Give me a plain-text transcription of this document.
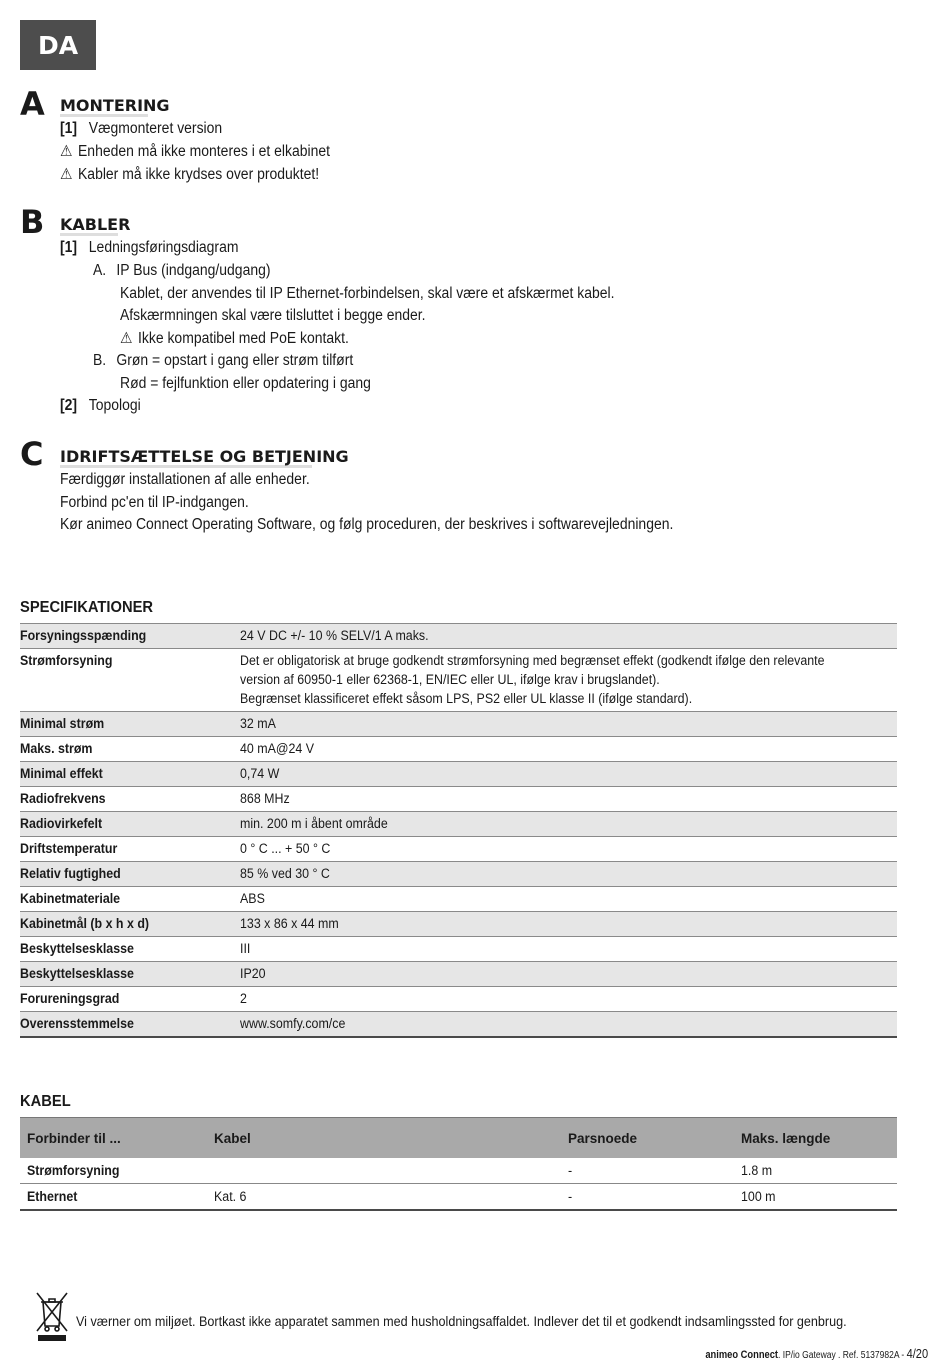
DA
A MONTERING
[1] Vægmonteret version
⚠ Enheden må ikke monteres i et elkabinet
⚠ Kabler må ikke krydses over produktet!
B KABLER
[1] Ledningsføringsdiagram
A. IP Bus (indgang/udgang)
Kablet, der anvendes til IP Ethernet-forbindelsen, skal være et afskærmet kabel.
Afskærmningen skal være tilsluttet i begge ender.
⚠ Ikke kompatibel med PoE kontakt.
B. Grøn = opstart i gang eller strøm tilført
Rød = fejlfunktion eller opdatering i gang
[2] Topologi
C IDRIFTSÆTTELSE OG BETJENING
Færdiggør installationen af alle enheder.
Forbind pc'en til IP-indgangen.
Kør animeo Connect Operating Software, og følg proceduren, der beskrives i softwarevejledningen.
SPECIFIKATIONER
Forsyningsspænding	24 V DC +/- 10 % SELV/1 A maks.
Strømforsyning	Det er obligatorisk at bruge godkendt strømforsyning med begrænset effekt (godkendt ifølge den relevante
version af 60950-1 eller 62368-1, EN/IEC eller UL, ifølge krav i brugslandet).
Begrænset klassificeret effekt såsom LPS, PS2 eller UL klasse II (ifølge standard).
Minimal strøm	32 mA
Maks. strøm	40 mA@24 V
Minimal effekt	0,74 W
Radiofrekvens	868 MHz
Radiovirkefelt	min. 200 m i åbent område
Driftstemperatur	0 ° C ... + 50 ° C
Relativ fugtighed	85 % ved 30 ° C
Kabinetmateriale	ABS
Kabinetmål (b x h x d)	133 x 86 x 44 mm
Beskyttelsesklasse	III
Beskyttelsesklasse	IP20
Forureningsgrad	2
Overensstemmelse	www.somfy.com/ce
KABEL
Forbinder til ...	Kabel	Parsnoede	Maks. længde
Strømforsyning		-	1.8 m
Ethernet	Kat. 6	-	100 m
Vi værner om miljøet. Bortkast ikke apparatet sammen med husholdningsaffaldet. Indlever det til et godkendt indsamlingssted for genbrug.
animeo Connect. IP/io Gateway . Ref. 5137982A - 4/20
